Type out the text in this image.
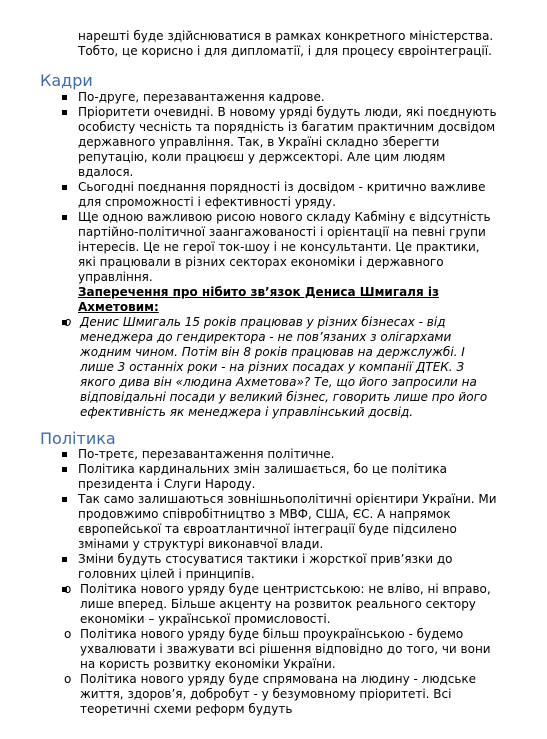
нарешті буде здійснюватися в рамках конкретного міністерства. Тобто, це корисно і для дипломатії, і для процесу євроінтеграції.

Кадри
По-друге, перезавантаження кадрове.
Пріоритети очевидні. В новому уряді будуть люди, які поєднують особисту чесність та порядність із багатим практичним досвідом державного управління. Так, в Україні складно зберегти репутацію, коли працюєш у держсекторі. Але цим людям вдалося.
Сьогодні поєднання порядності із досвідом - критично важливе для спроможності і ефективності уряду.
Ще одною важливою рисою нового складу Кабміну є відсутність партійно-політичної заангажованості і орієнтації на певні групи інтересів. Це не герої ток-шоу і не консультанти. Це практики, які працювали в різних секторах економіки і державного управління.
Заперечення про нібито зв’язок Дениса Шмигаля із Ахметовим:
o Денис Шмигаль 15 років працював у різних бізнесах - від менеджера до гендиректора - не пов’язаних з олігархами жодним чином. Потім він 8 років працював на держслужбі. І лише 3 останніх роки - на різних посадах у компанії ДТЕК. З якого дива він «людина Ахметова»? Те, що його запросили на відповідальні посади у великий бізнес, говорить лише про його ефективність як менеджера і управлінський досвід.
Політика
По-третє, перезавантаження політичне.
Політика кардинальних змін залишається, бо це політика президента і Слуги Народу.
Так само залишаються зовнішньополітичні орієнтири України. Ми продовжимо співробітництво з МВФ, США, ЄС. А напрямок європейської та євроатлантичної інтеграції буде підсилено змінами у структурі виконавчої влади.
Зміни будуть стосуватися тактики і жорсткої прив’язки до головних цілей і принципів.
o Політика нового уряду буде центристською: не вліво, ні вправо, лише вперед. Більше акценту на розвиток реального сектору економіки – української промисловості.
o Політика нового уряду буде більш проукраїнською - будемо ухвалювати і зважувати всі рішення відповідно до того, чи вони на користь розвитку економіки України.
o Політика нового уряду буде спрямована на людину - людське життя, здоров’я, добробут - у безумовному пріоритеті. Всі теоретичні схеми реформ будуть
